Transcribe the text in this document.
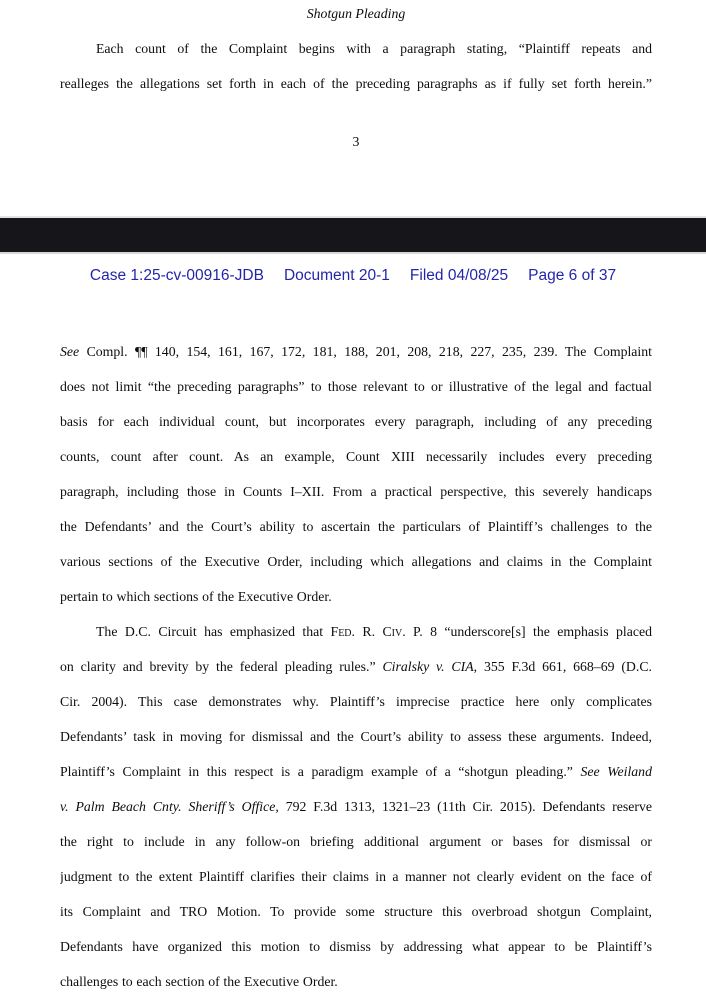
Shotgun Pleading
Each count of the Complaint begins with a paragraph stating, “Plaintiff repeats and
realleges the allegations set forth in each of the preceding paragraphs as if fully set forth herein.”
3
Case 1:25-cv-00916-JDB Document 20-1 Filed 04/08/25 Page 6 of 37
See Compl. ¶¶ 140, 154, 161, 167, 172, 181, 188, 201, 208, 218, 227, 235, 239. The Complaint
does not limit “the preceding paragraphs” to those relevant to or illustrative of the legal and factual
basis for each individual count, but incorporates every paragraph, including of any preceding
counts, count after count. As an example, Count XIII necessarily includes every preceding
paragraph, including those in Counts I–XII. From a practical perspective, this severely handicaps
the Defendants’ and the Court’s ability to ascertain the particulars of Plaintiff’s challenges to the
various sections of the Executive Order, including which allegations and claims in the Complaint
pertain to which sections of the Executive Order.
The D.C. Circuit has emphasized that Fed. R. Civ. P. 8 “underscore[s] the emphasis placed
on clarity and brevity by the federal pleading rules.” Ciralsky v. CIA, 355 F.3d 661, 668–69 (D.C.
Cir. 2004). This case demonstrates why. Plaintiff’s imprecise practice here only complicates
Defendants’ task in moving for dismissal and the Court’s ability to assess these arguments. Indeed,
Plaintiff’s Complaint in this respect is a paradigm example of a “shotgun pleading.” See Weiland
v. Palm Beach Cnty. Sheriff’s Office, 792 F.3d 1313, 1321–23 (11th Cir. 2015). Defendants reserve
the right to include in any follow-on briefing additional argument or bases for dismissal or
judgment to the extent Plaintiff clarifies their claims in a manner not clearly evident on the face of
its Complaint and TRO Motion. To provide some structure this overbroad shotgun Complaint,
Defendants have organized this motion to dismiss by addressing what appear to be Plaintiff’s
challenges to each section of the Executive Order.
